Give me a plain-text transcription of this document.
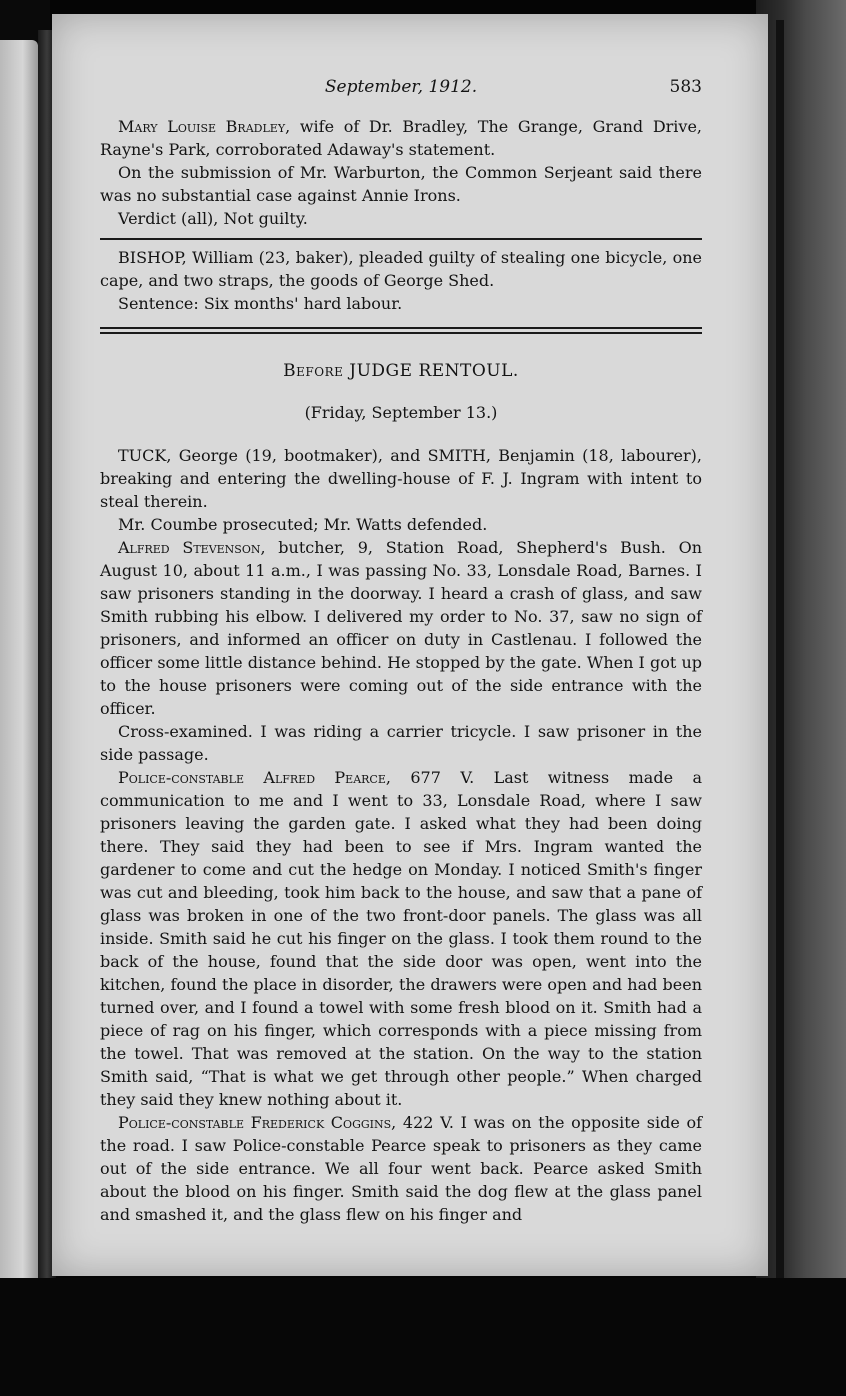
September, 1912.	583

Mary Louise Bradley, wife of Dr. Bradley, The Grange, Grand Drive, Rayne's Park, corroborated Adaway's statement.

On the submission of Mr. Warburton, the Common Serjeant said there was no substantial case against Annie Irons.

Verdict (all), Not guilty.

BISHOP, William (23, baker), pleaded guilty of stealing one bicycle, one cape, and two straps, the goods of George Shed.

Sentence: Six months' hard labour.

Before JUDGE RENTOUL.
(Friday, September 13.)

TUCK, George (19, bootmaker), and SMITH, Benjamin (18, labourer), breaking and entering the dwelling-house of F. J. Ingram with intent to steal therein.

Mr. Coumbe prosecuted; Mr. Watts defended.

Alfred Stevenson, butcher, 9, Station Road, Shepherd's Bush. On August 10, about 11 a.m., I was passing No. 33, Lonsdale Road, Barnes. I saw prisoners standing in the doorway. I heard a crash of glass, and saw Smith rubbing his elbow. I delivered my order to No. 37, saw no sign of prisoners, and informed an officer on duty in Castlenau. I followed the officer some little distance behind. He stopped by the gate. When I got up to the house prisoners were coming out of the side entrance with the officer.

Cross-examined. I was riding a carrier tricycle. I saw prisoner in the side passage.

Police-constable Alfred Pearce, 677 V. Last witness made a communication to me and I went to 33, Lonsdale Road, where I saw prisoners leaving the garden gate. I asked what they had been doing there. They said they had been to see if Mrs. Ingram wanted the gardener to come and cut the hedge on Monday. I noticed Smith's finger was cut and bleeding, took him back to the house, and saw that a pane of glass was broken in one of the two front-door panels. The glass was all inside. Smith said he cut his finger on the glass. I took them round to the back of the house, found that the side door was open, went into the kitchen, found the place in disorder, the drawers were open and had been turned over, and I found a towel with some fresh blood on it. Smith had a piece of rag on his finger, which corresponds with a piece missing from the towel. That was removed at the station. On the way to the station Smith said, “That is what we get through other people.” When charged they said they knew nothing about it.

Police-constable Frederick Coggins, 422 V. I was on the opposite side of the road. I saw Police-constable Pearce speak to prisoners as they came out of the side entrance. We all four went back. Pearce asked Smith about the blood on his finger. Smith said the dog flew at the glass panel and smashed it, and the glass flew on his finger and
